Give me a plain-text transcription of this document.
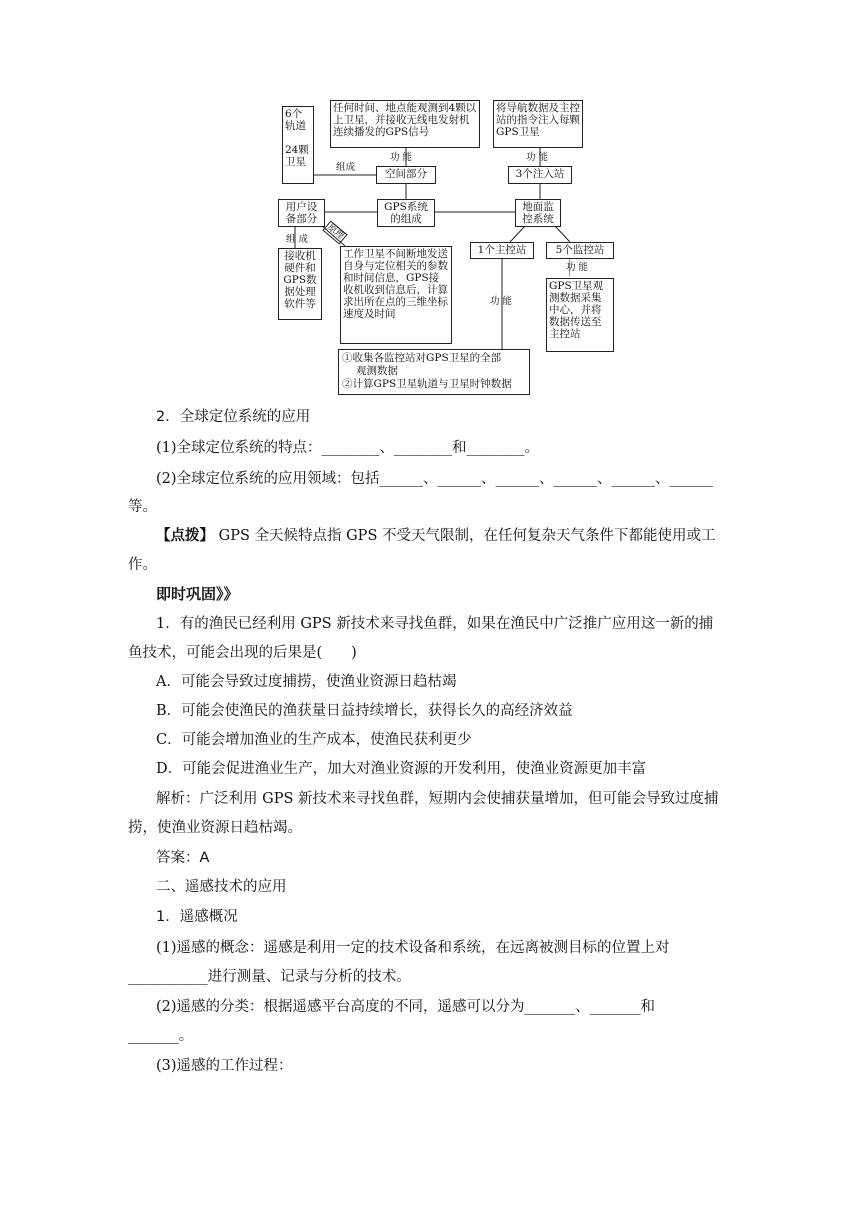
6个
轨道

24颗
卫星
任何时间、地点能观测到4颗以上卫星，并接收无线电发射机连续播发的GPS信号
将导航数据及主控站的指令注入每颗GPS卫星
功 能	功 能
组成
空间部分	3个注入站
用户设备部分
GPS系统的组成
地面监控系统
组 成	原理
接收机硬件和GPS数据处理软件等
工作卫星不间断地发送自身与定位相关的参数和时间信息，GPS接收机收到信息后，计算求出所在点的三维坐标速度及时间
1个主控站	5个监控站
功 能
功 能
GPS卫星观测数据采集中心，并将数据传送至主控站
①收集各监控站对GPS卫星的全部
观测数据
②计算GPS卫星轨道与卫星时钟数据
2．全球定位系统的应用
(1)全球定位系统的特点：________、________和________。
(2)全球定位系统的应用领域：包括______、______、______、______、______、______
等。
【点拨】 GPS 全天候特点指 GPS 不受天气限制，在任何复杂天气条件下都能使用或工
作。
即时巩固》》
1．有的渔民已经利用 GPS 新技术来寻找鱼群，如果在渔民中广泛推广应用这一新的捕
鱼技术，可能会出现的后果是(　　)
A．可能会导致过度捕捞，使渔业资源日趋枯竭
B．可能会使渔民的渔获量日益持续增长，获得长久的高经济效益
C．可能会增加渔业的生产成本，使渔民获利更少
D．可能会促进渔业生产，加大对渔业资源的开发利用，使渔业资源更加丰富
解析：广泛利用 GPS 新技术来寻找鱼群，短期内会使捕获量增加，但可能会导致过度捕
捞，使渔业资源日趋枯竭。
答案：A
二、遥感技术的应用
1．遥感概况
(1)遥感的概念：遥感是利用一定的技术设备和系统，在远离被测目标的位置上对
___________进行测量、记录与分析的技术。
(2)遥感的分类：根据遥感平台高度的不同，遥感可以分为_______、_______和
_______。
(3)遥感的工作过程：
